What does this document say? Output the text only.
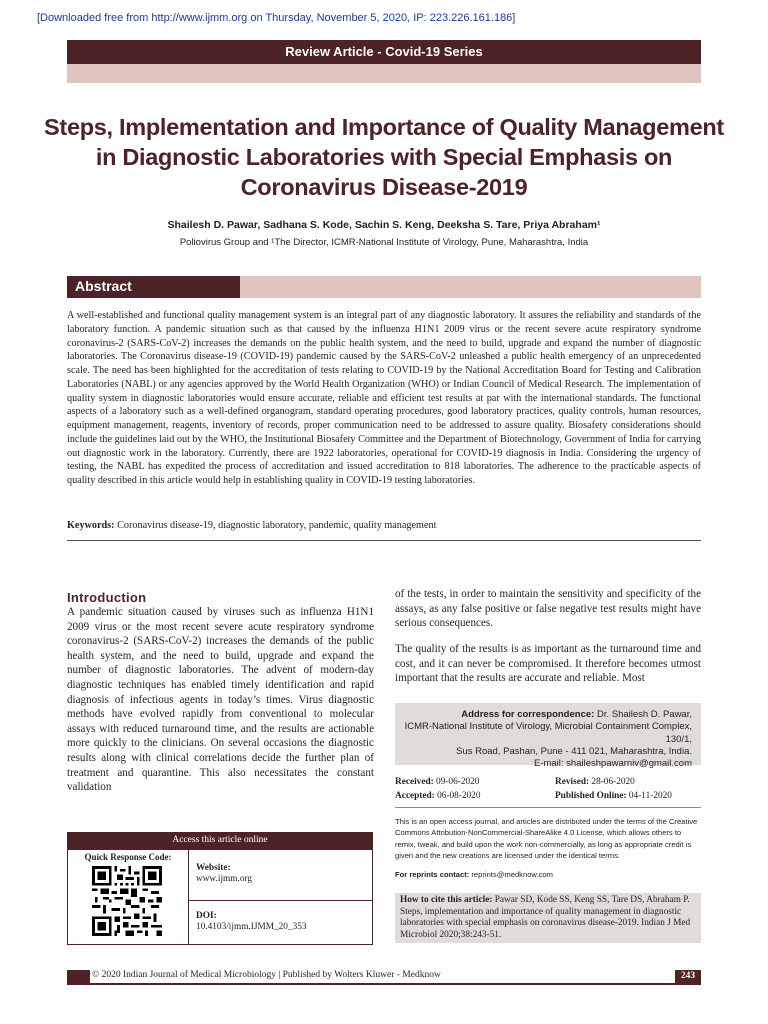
[Downloaded free from http://www.ijmm.org on Thursday, November 5, 2020, IP: 223.226.161.186]
Review Article - Covid-19 Series
Steps, Implementation and Importance of Quality Management in Diagnostic Laboratories with Special Emphasis on Coronavirus Disease-2019
Shailesh D. Pawar, Sadhana S. Kode, Sachin S. Keng, Deeksha S. Tare, Priya Abraham¹
Poliovirus Group and ¹The Director, ICMR-National Institute of Virology, Pune, Maharashtra, India
Abstract
A well-established and functional quality management system is an integral part of any diagnostic laboratory. It assures the reliability and standards of the laboratory function. A pandemic situation such as that caused by the influenza H1N1 2009 virus or the recent severe acute respiratory syndrome coronavirus-2 (SARS-CoV-2) increases the demands on the public health system, and the need to build, upgrade and expand the number of diagnostic laboratories. The Coronavirus disease-19 (COVID-19) pandemic caused by the SARS-CoV-2 unleashed a public health emergency of an unprecedented scale. The need has been highlighted for the accreditation of tests relating to COVID-19 by the National Accreditation Board for Testing and Calibration Laboratories (NABL) or any agencies approved by the World Health Organization (WHO) or Indian Council of Medical Research. The implementation of quality system in diagnostic laboratories would ensure accurate, reliable and efficient test results at par with the international standards. The functional aspects of a laboratory such as a well-defined organogram, standard operating procedures, good laboratory practices, quality controls, human resources, equipment management, reagents, inventory of records, proper communication need to be addressed to assure quality. Biosafety considerations should include the guidelines laid out by the WHO, the Institutional Biosafety Committee and the Department of Biotechnology, Government of India for carrying out diagnostic work in the laboratory. Currently, there are 1922 laboratories, operational for COVID-19 diagnosis in India. Considering the urgency of testing, the NABL has expedited the process of accreditation and issued accreditation to 818 laboratories. The adherence to the practicable aspects of quality described in this article would help in establishing quality in COVID-19 testing laboratories.
Keywords: Coronavirus disease-19, diagnostic laboratory, pandemic, quality management
Introduction
A pandemic situation caused by viruses such as influenza H1N1 2009 virus or the most recent severe acute respiratory syndrome coronavirus-2 (SARS-CoV-2) increases the demands of the public health system, and the need to build, upgrade and expand the number of diagnostic laboratories. The advent of modern-day diagnostic techniques has enabled timely identification and rapid diagnosis of infectious agents in today’s times. Virus diagnostic methods have evolved rapidly from conventional to molecular assays with reduced turnaround time, and the results are actionable more quickly to the clinicians. On several occasions the diagnostic results along with clinical correlations decide the further plan of treatment and quarantine. This also necessitates the constant validation
of the tests, in order to maintain the sensitivity and specificity of the assays, as any false positive or false negative test results might have serious consequences.
The quality of the results is as important as the turnaround time and cost, and it can never be compromised. It therefore becomes utmost important that the results are accurate and reliable. Most
Address for correspondence: Dr. Shailesh D. Pawar,
ICMR-National Institute of Virology, Microbial Containment Complex, 130/1,
Sus Road, Pashan, Pune - 411 021, Maharashtra, India.
E-mail: shaileshpawarniv@gmail.com
Received: 09-06-2020	Revised: 28-06-2020
Accepted: 06-08-2020	Published Online: 04-11-2020
This is an open access journal, and articles are distributed under the terms of the Creative Commons Attribution-NonCommercial-ShareAlike 4.0 License, which allows others to remix, tweak, and build upon the work non-commercially, as long as appropriate credit is given and the new creations are licensed under the identical terms.
For reprints contact: reprints@medknow.com
How to cite this article: Pawar SD, Kode SS, Keng SS, Tare DS, Abraham P. Steps, implementation and importance of quality management in diagnostic laboratories with special emphasis on coronavirus disease-2019. Indian J Med Microbiol 2020;38:243-51.
Access this article online
Quick Response Code:
Website:
www.ijmm.org
DOI:
10.4103/ijmm.IJMM_20_353
© 2020 Indian Journal of Medical Microbiology | Published by Wolters Kluwer - Medknow	243
